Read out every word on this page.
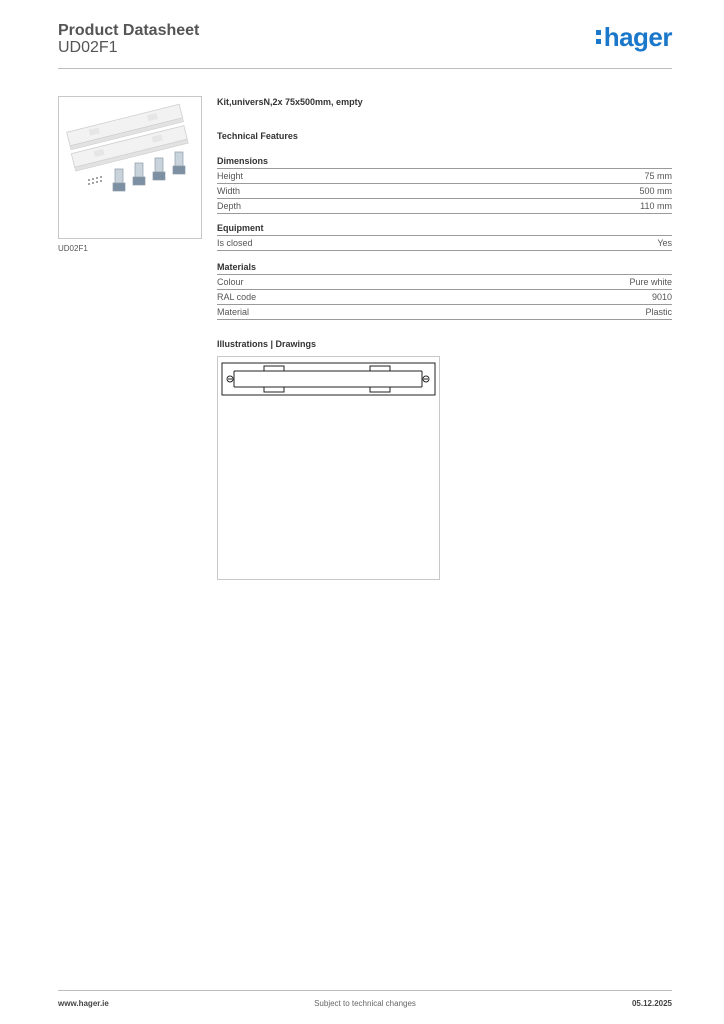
Product Datasheet
UD02F1	hager
UD02F1
Kit,universN,2x 75x500mm, empty
Technical Features
Dimensions
Height	75 mm
Width	500 mm
Depth	110 mm
Equipment
Is closed	Yes
Materials
Colour	Pure white
RAL code	9010
Material	Plastic
Illustrations | Drawings
www.hager.ie	Subject to technical changes	05.12.2025
